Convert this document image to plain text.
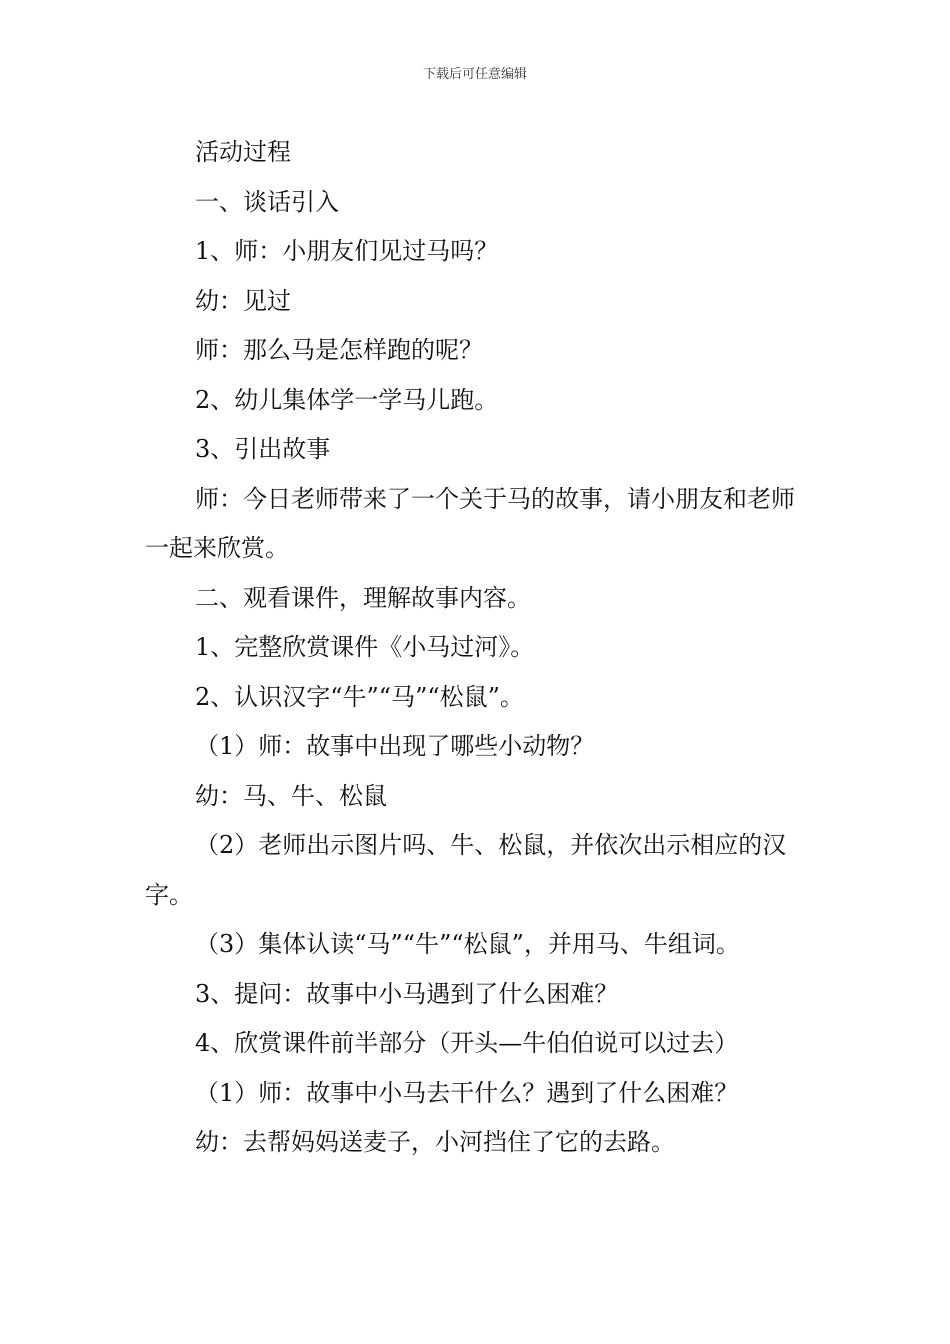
下载后可任意编辑

活动过程

一、谈话引入

1、师：小朋友们见过马吗？

幼：见过

师：那么马是怎样跑的呢？

2、幼儿集体学一学马儿跑。

3、引出故事

师：今日老师带来了一个关于马的故事，请小朋友和老师一起来欣赏。

二、观看课件，理解故事内容。

1、完整欣赏课件《小马过河》。

2、认识汉字“牛”“马”“松鼠”。

（1）师：故事中出现了哪些小动物？

幼：马、牛、松鼠

（2）老师出示图片吗、牛、松鼠，并依次出示相应的汉字。

（3）集体认读“马”“牛”“松鼠”，并用马、牛组词。

3、提问：故事中小马遇到了什么困难？

4、欣赏课件前半部分（开头—牛伯伯说可以过去）

（1）师：故事中小马去干什么？遇到了什么困难？

幼：去帮妈妈送麦子，小河挡住了它的去路。
